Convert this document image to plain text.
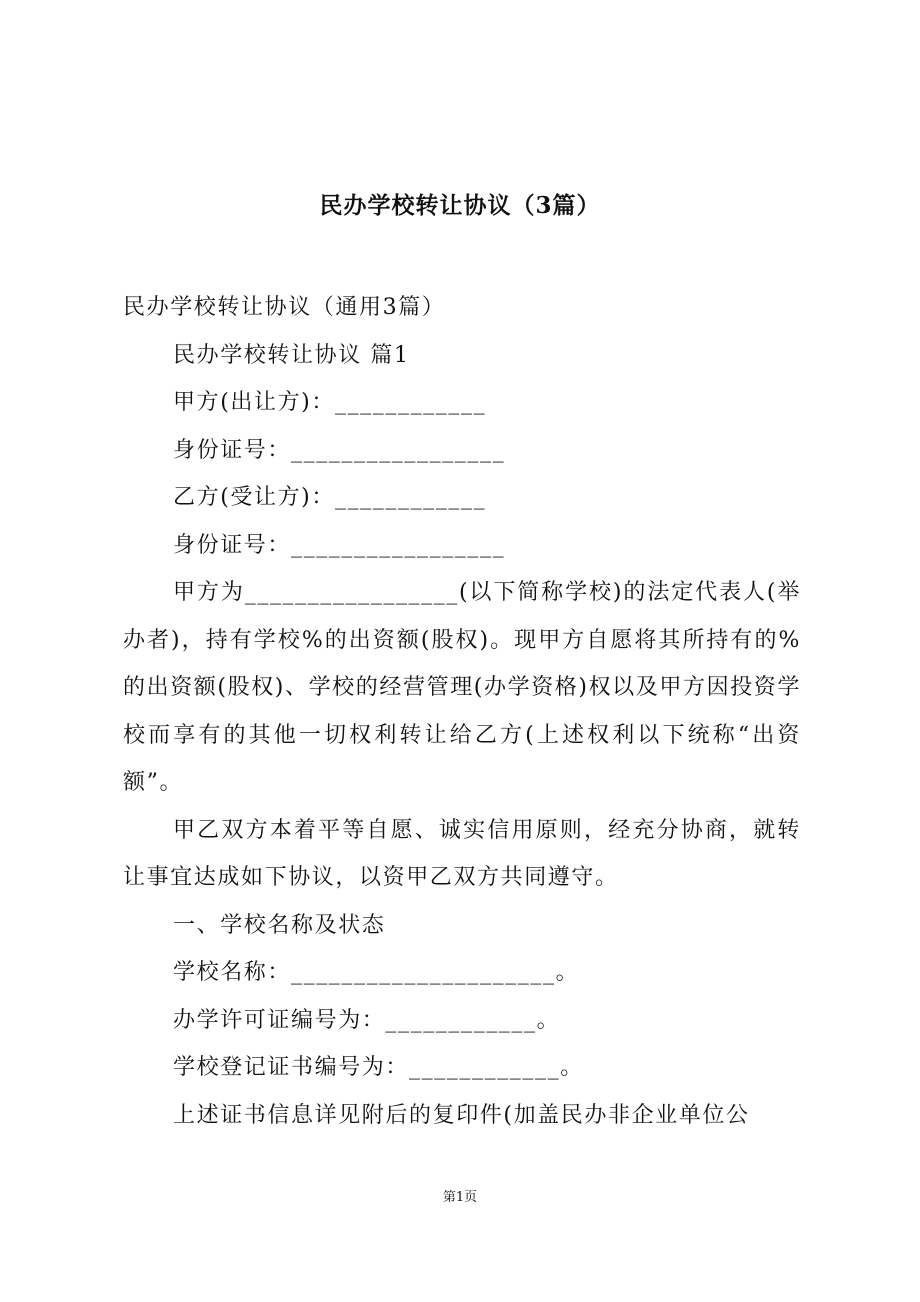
民办学校转让协议（3篇）

民办学校转让协议（通用3篇）

民办学校转让协议 篇1

甲方(出让方)：____________

身份证号：_________________

乙方(受让方)：____________

身份证号：_________________

甲方为_________________(以下简称学校)的法定代表人(举办者)，持有学校%的出资额(股权)。现甲方自愿将其所持有的%的出资额(股权)、学校的经营管理(办学资格)权以及甲方因投资学校而享有的其他一切权利转让给乙方(上述权利以下统称“出资额”。

甲乙双方本着平等自愿、诚实信用原则，经充分协商，就转让事宜达成如下协议，以资甲乙双方共同遵守。

一、学校名称及状态

学校名称：_____________________。

办学许可证编号为：____________。

学校登记证书编号为：____________。

上述证书信息详见附后的复印件(加盖民办非企业单位公

第1页
